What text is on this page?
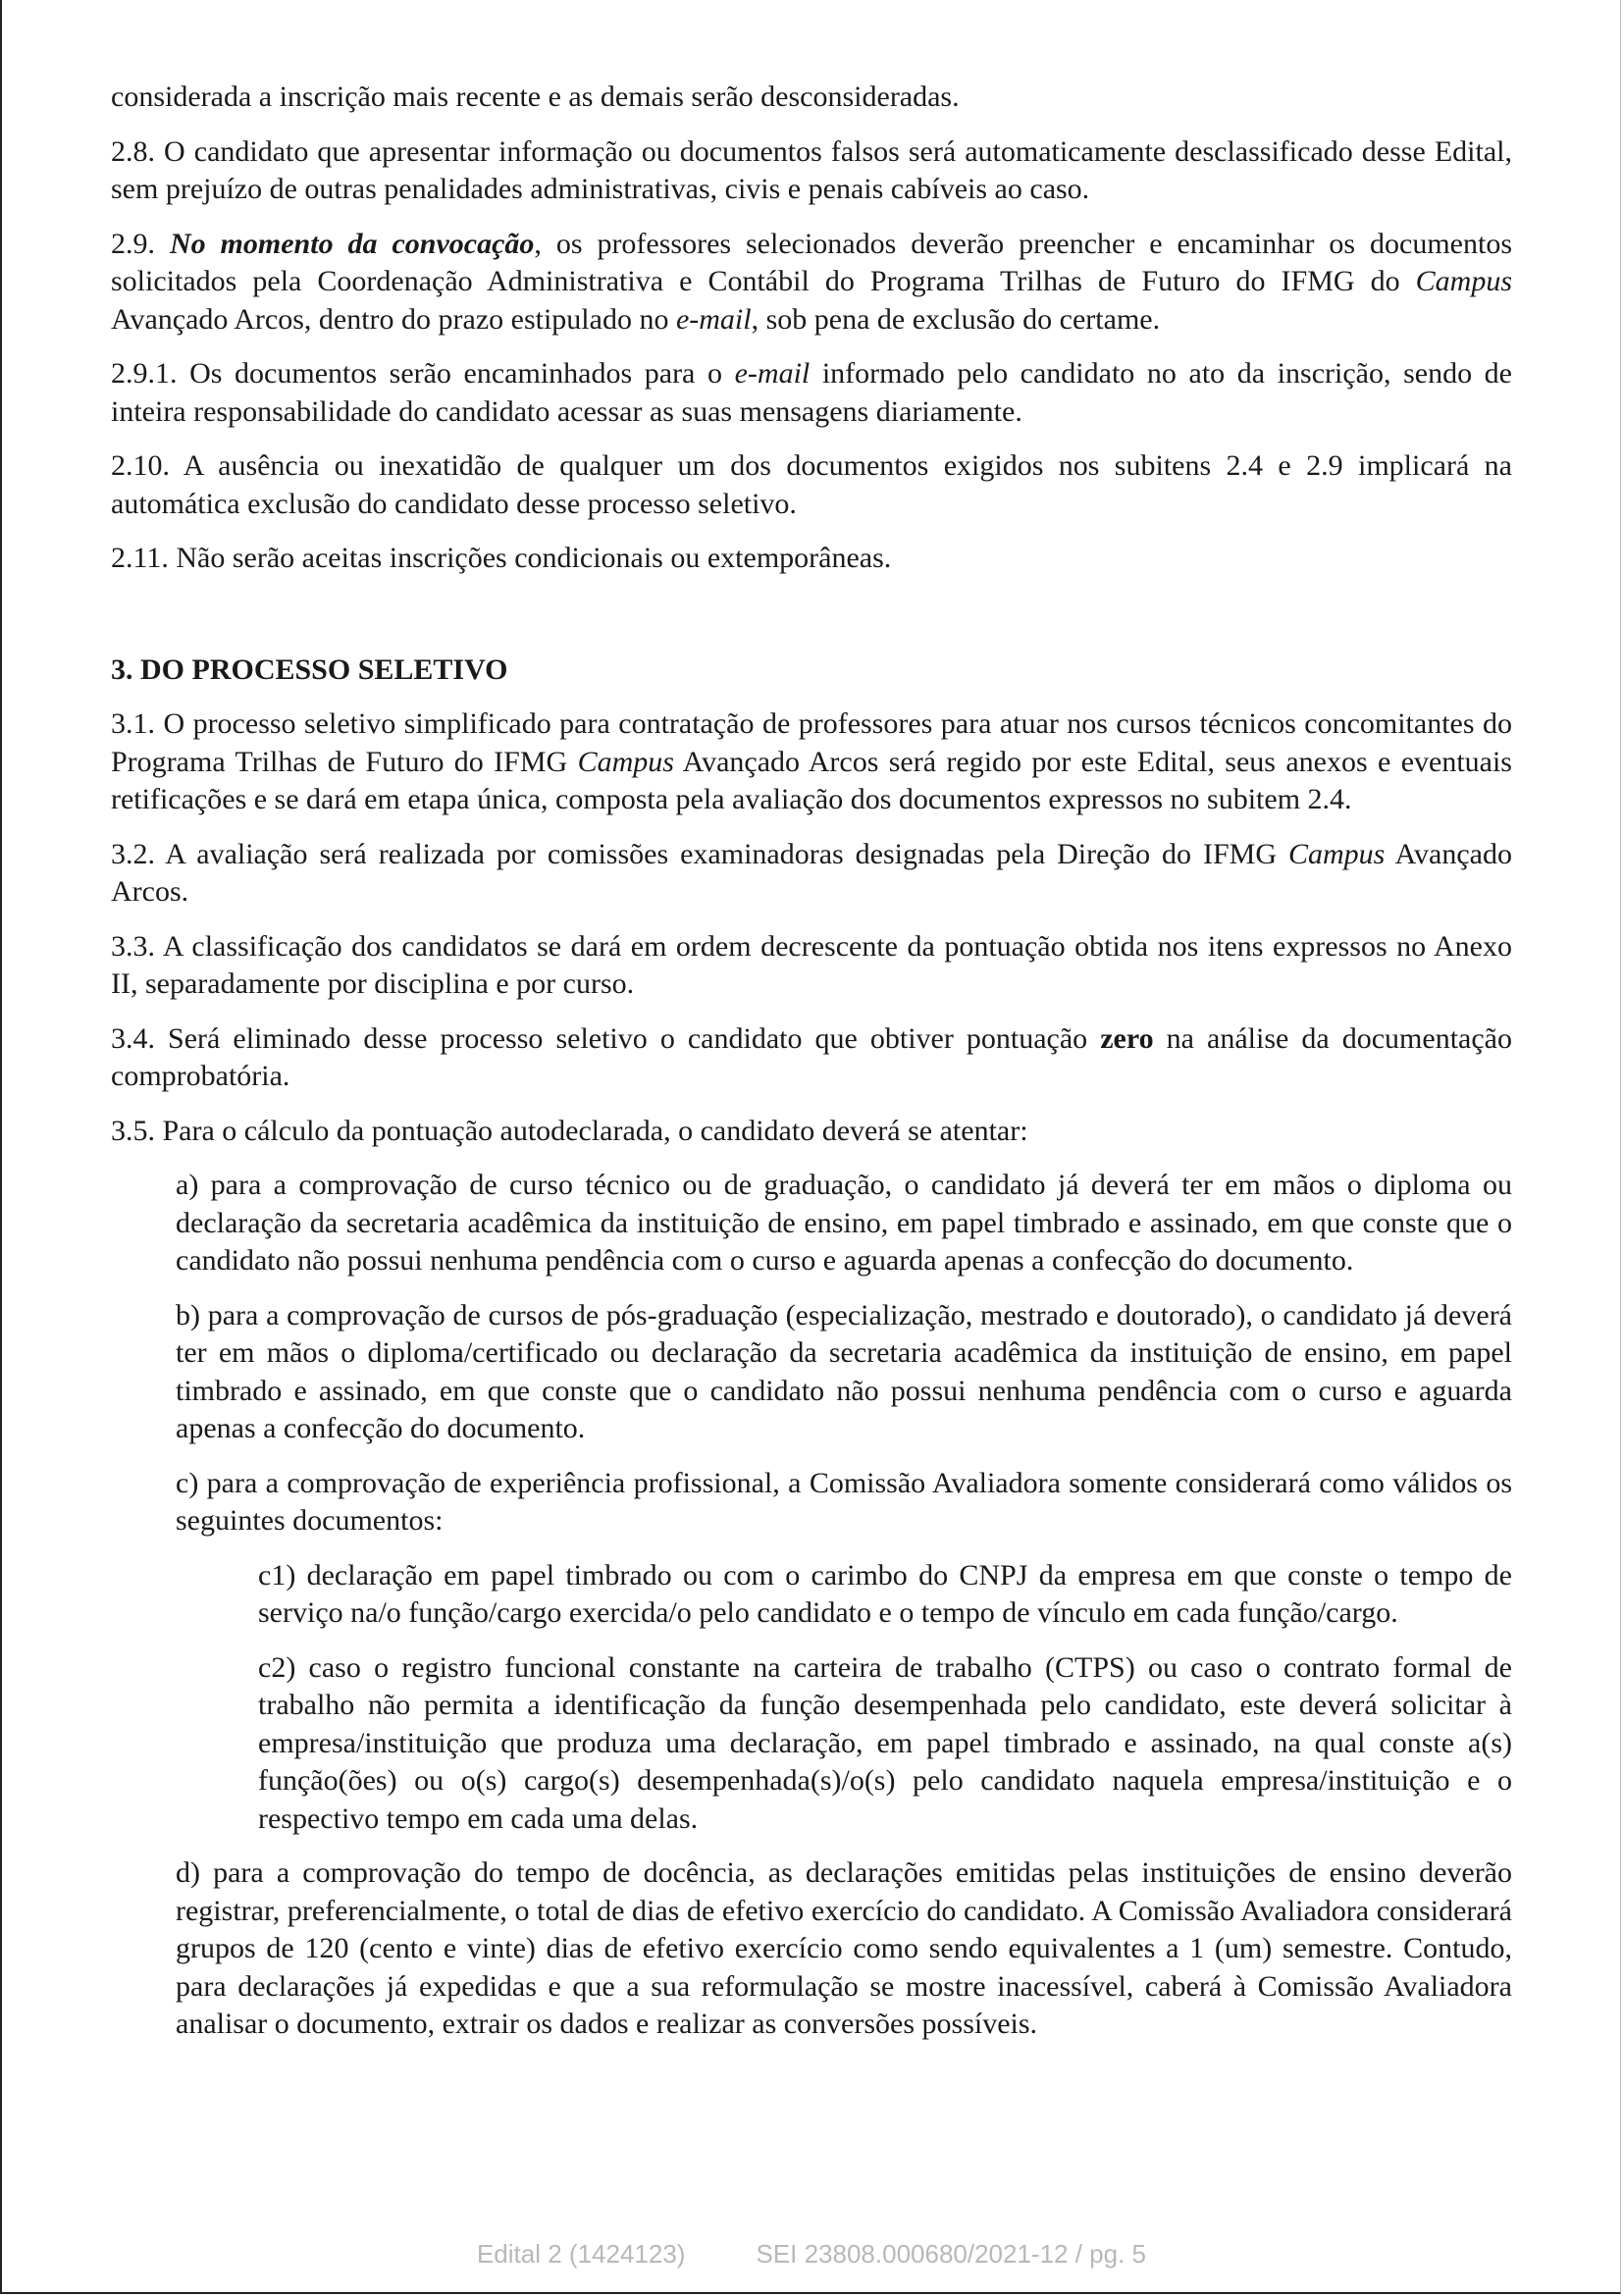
considerada a inscrição mais recente e as demais serão desconsideradas.

2.8. O candidato que apresentar informação ou documentos falsos será automaticamente desclassificado desse Edital, sem prejuízo de outras penalidades administrativas, civis e penais cabíveis ao caso.

2.9. No momento da convocação, os professores selecionados deverão preencher e encaminhar os documentos solicitados pela Coordenação Administrativa e Contábil do Programa Trilhas de Futuro do IFMG do Campus Avançado Arcos, dentro do prazo estipulado no e-mail, sob pena de exclusão do certame.

2.9.1. Os documentos serão encaminhados para o e-mail informado pelo candidato no ato da inscrição, sendo de inteira responsabilidade do candidato acessar as suas mensagens diariamente.

2.10. A ausência ou inexatidão de qualquer um dos documentos exigidos nos subitens 2.4 e 2.9 implicará na automática exclusão do candidato desse processo seletivo.

2.11. Não serão aceitas inscrições condicionais ou extemporâneas.

3. DO PROCESSO SELETIVO

3.1. O processo seletivo simplificado para contratação de professores para atuar nos cursos técnicos concomitantes do Programa Trilhas de Futuro do IFMG Campus Avançado Arcos será regido por este Edital, seus anexos e eventuais retificações e se dará em etapa única, composta pela avaliação dos documentos expressos no subitem 2.4.

3.2. A avaliação será realizada por comissões examinadoras designadas pela Direção do IFMG Campus Avançado Arcos.

3.3. A classificação dos candidatos se dará em ordem decrescente da pontuação obtida nos itens expressos no Anexo II, separadamente por disciplina e por curso.

3.4. Será eliminado desse processo seletivo o candidato que obtiver pontuação zero na análise da documentação comprobatória.

3.5. Para o cálculo da pontuação autodeclarada, o candidato deverá se atentar:

a) para a comprovação de curso técnico ou de graduação, o candidato já deverá ter em mãos o diploma ou declaração da secretaria acadêmica da instituição de ensino, em papel timbrado e assinado, em que conste que o candidato não possui nenhuma pendência com o curso e aguarda apenas a confecção do documento.

b) para a comprovação de cursos de pós-graduação (especialização, mestrado e doutorado), o candidato já deverá ter em mãos o diploma/certificado ou declaração da secretaria acadêmica da instituição de ensino, em papel timbrado e assinado, em que conste que o candidato não possui nenhuma pendência com o curso e aguarda apenas a confecção do documento.

c) para a comprovação de experiência profissional, a Comissão Avaliadora somente considerará como válidos os seguintes documentos:

c1) declaração em papel timbrado ou com o carimbo do CNPJ da empresa em que conste o tempo de serviço na/o função/cargo exercida/o pelo candidato e o tempo de vínculo em cada função/cargo.

c2) caso o registro funcional constante na carteira de trabalho (CTPS) ou caso o contrato formal de trabalho não permita a identificação da função desempenhada pelo candidato, este deverá solicitar à empresa/instituição que produza uma declaração, em papel timbrado e assinado, na qual conste a(s) função(ões) ou o(s) cargo(s) desempenhada(s)/o(s) pelo candidato naquela empresa/instituição e o respectivo tempo em cada uma delas.

d) para a comprovação do tempo de docência, as declarações emitidas pelas instituições de ensino deverão registrar, preferencialmente, o total de dias de efetivo exercício do candidato. A Comissão Avaliadora considerará grupos de 120 (cento e vinte) dias de efetivo exercício como sendo equivalentes a 1 (um) semestre. Contudo, para declarações já expedidas e que a sua reformulação se mostre inacessível, caberá à Comissão Avaliadora analisar o documento, extrair os dados e realizar as conversões possíveis.

Edital 2 (1424123)	SEI 23808.000680/2021-12 / pg. 5
